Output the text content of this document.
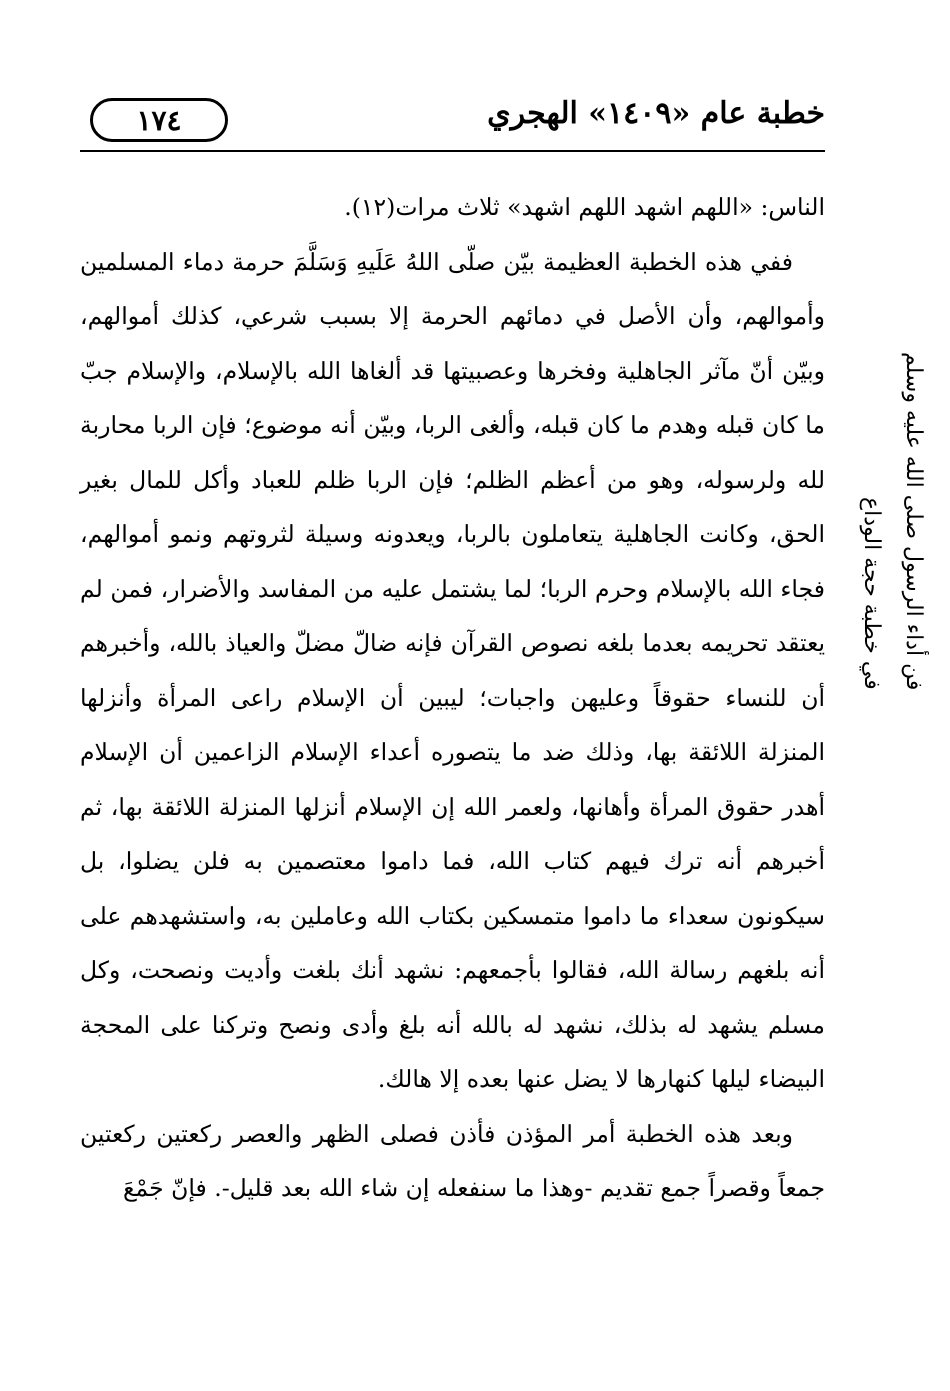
خطبة عام «١٤٠٩» الهجري
١٧٤

الناس: «اللهم اشهد اللهم اشهد» ثلاث مرات(١٢).

ففي هذه الخطبة العظيمة بيّن صلّى اللهُ عَلَيهِ وَسَلَّمَ حرمة دماء المسلمين وأموالهم، وأن الأصل في دمائهم الحرمة إلا بسبب شرعي، كذلك أموالهم، وبيّن أنّ مآثر الجاهلية وفخرها وعصبيتها قد ألغاها الله بالإسلام، والإسلام جبّ ما كان قبله وهدم ما كان قبله، وألغى الربا، وبيّن أنه موضوع؛ فإن الربا محاربة لله ولرسوله، وهو من أعظم الظلم؛ فإن الربا ظلم للعباد وأكل للمال بغير الحق، وكانت الجاهلية يتعاملون بالربا، ويعدونه وسيلة لثروتهم ونمو أموالهم، فجاء الله بالإسلام وحرم الربا؛ لما يشتمل عليه من المفاسد والأضرار، فمن لم يعتقد تحريمه بعدما بلغه نصوص القرآن فإنه ضالّ مضلّ والعياذ بالله، وأخبرهم أن للنساء حقوقاً وعليهن واجبات؛ ليبين أن الإسلام راعى المرأة وأنزلها المنزلة اللائقة بها، وذلك ضد ما يتصوره أعداء الإسلام الزاعمين أن الإسلام أهدر حقوق المرأة وأهانها، ولعمر الله إن الإسلام أنزلها المنزلة اللائقة بها، ثم أخبرهم أنه ترك فيهم كتاب الله، فما داموا معتصمين به فلن يضلوا، بل سيكونون سعداء ما داموا متمسكين بكتاب الله وعاملين به، واستشهدهم على أنه بلغهم رسالة الله، فقالوا بأجمعهم: نشهد أنك بلغت وأديت ونصحت، وكل مسلم يشهد له بذلك، نشهد له بالله أنه بلغ وأدى ونصح وتركنا على المحجة البيضاء ليلها كنهارها لا يضل عنها بعده إلا هالك.

وبعد هذه الخطبة أمر المؤذن فأذن فصلى الظهر والعصر ركعتين ركعتين جمعاً وقصراً جمع تقديم -وهذا ما سنفعله إن شاء الله بعد قليل-. فإنّ جَمْعَ

فن أداء الرسول صلى الله عليه وسلم
في خطبة حجة الوداع
